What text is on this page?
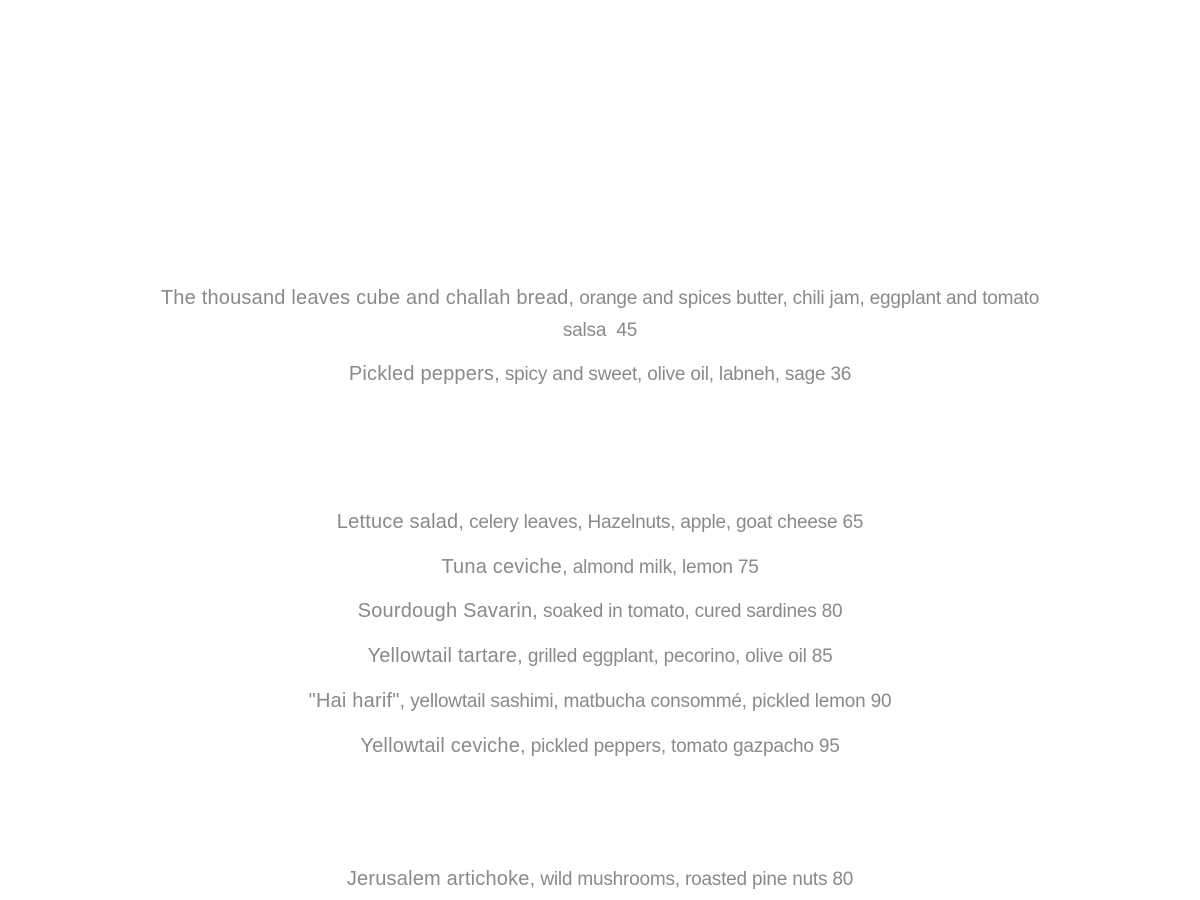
The thousand leaves cube and challah bread, orange and spices butter, chili jam, eggplant and tomato salsa 45
Pickled peppers, spicy and sweet, olive oil, labneh, sage 36
Lettuce salad, celery leaves, Hazelnuts, apple, goat cheese 65
Tuna ceviche, almond milk, lemon 75
Sourdough Savarin, soaked in tomato, cured sardines 80
Yellowtail tartare, grilled eggplant, pecorino, olive oil 85
"Hai harif", yellowtail sashimi, matbucha consommé, pickled lemon 90
Yellowtail ceviche, pickled peppers, tomato gazpacho 95
Jerusalem artichoke, wild mushrooms, roasted pine nuts 80
